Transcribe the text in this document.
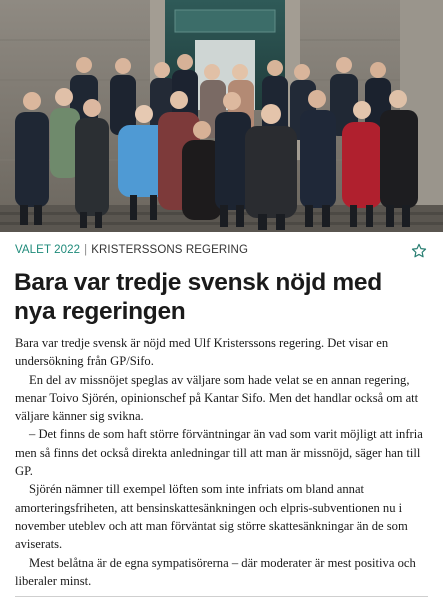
VALET 2022 | KRISTERSSONS REGERING
Bara var tredje svensk nöjd med nya regeringen

Bara var tredje svensk är nöjd med Ulf Kristerssons regering. Det visar en undersökning från GP/Sifo.

En del av missnöjet speglas av väljare som hade velat se en annan regering, menar Toivo Sjörén, opinionschef på Kantar Sifo. Men det handlar också om att väljare känner sig svikna.

– Det finns de som haft större förväntningar än vad som varit möjligt att infria men så finns det också direkta anledningar till att man är missnöjd, säger han till GP.

Sjörén nämner till exempel löften som inte infriats om bland annat amorteringsfriheten, att bensinskattesänkningen och elpris-subventionen nu i november uteblev och att man förväntat sig större skattesänkningar än de som aviserats.

Mest belåtna är de egna sympatisörerna – där moderater är mest positiva och liberaler minst.
